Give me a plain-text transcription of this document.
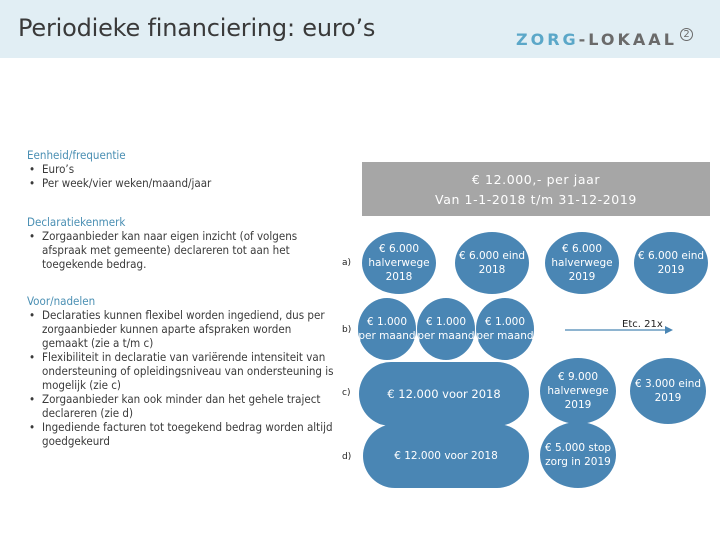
Periodieke financiering: euro’s	ZORG-LOKAAL 2
Eenheid/frequentie
• Euro’s
• Per week/vier weken/maand/jaar
Declaratiekenmerk
• Zorgaanbieder kan naar eigen inzicht (of volgens afspraak met gemeente) declareren tot aan het toegekende bedrag.
Voor/nadelen
• Declaraties kunnen flexibel worden ingediend, dus per zorgaanbieder kunnen aparte afspraken worden gemaakt (zie a t/m c)
• Flexibiliteit in declaratie van variërende intensiteit van ondersteuning of opleidingsniveau van ondersteuning is mogelijk (zie c)
• Zorgaanbieder kan ook minder dan het gehele traject declareren (zie d)
• Ingediende facturen tot toegekend bedrag worden altijd goedgekeurd
€ 12.000,- per jaar
Van 1-1-2018 t/m 31-12-2019
a)
b)
c)
d)
€ 6.000 halverwege 2018
€ 6.000 eind 2018
€ 6.000 halverwege 2019
€ 6.000 eind 2019
€ 1.000 per maand
€ 1.000 per maand
€ 1.000 per maand
Etc. 21x
€ 12.000 voor 2018
€ 9.000 halverwege 2019
€ 3.000 eind 2019
€ 12.000 voor 2018
€ 5.000 stop zorg in 2019
